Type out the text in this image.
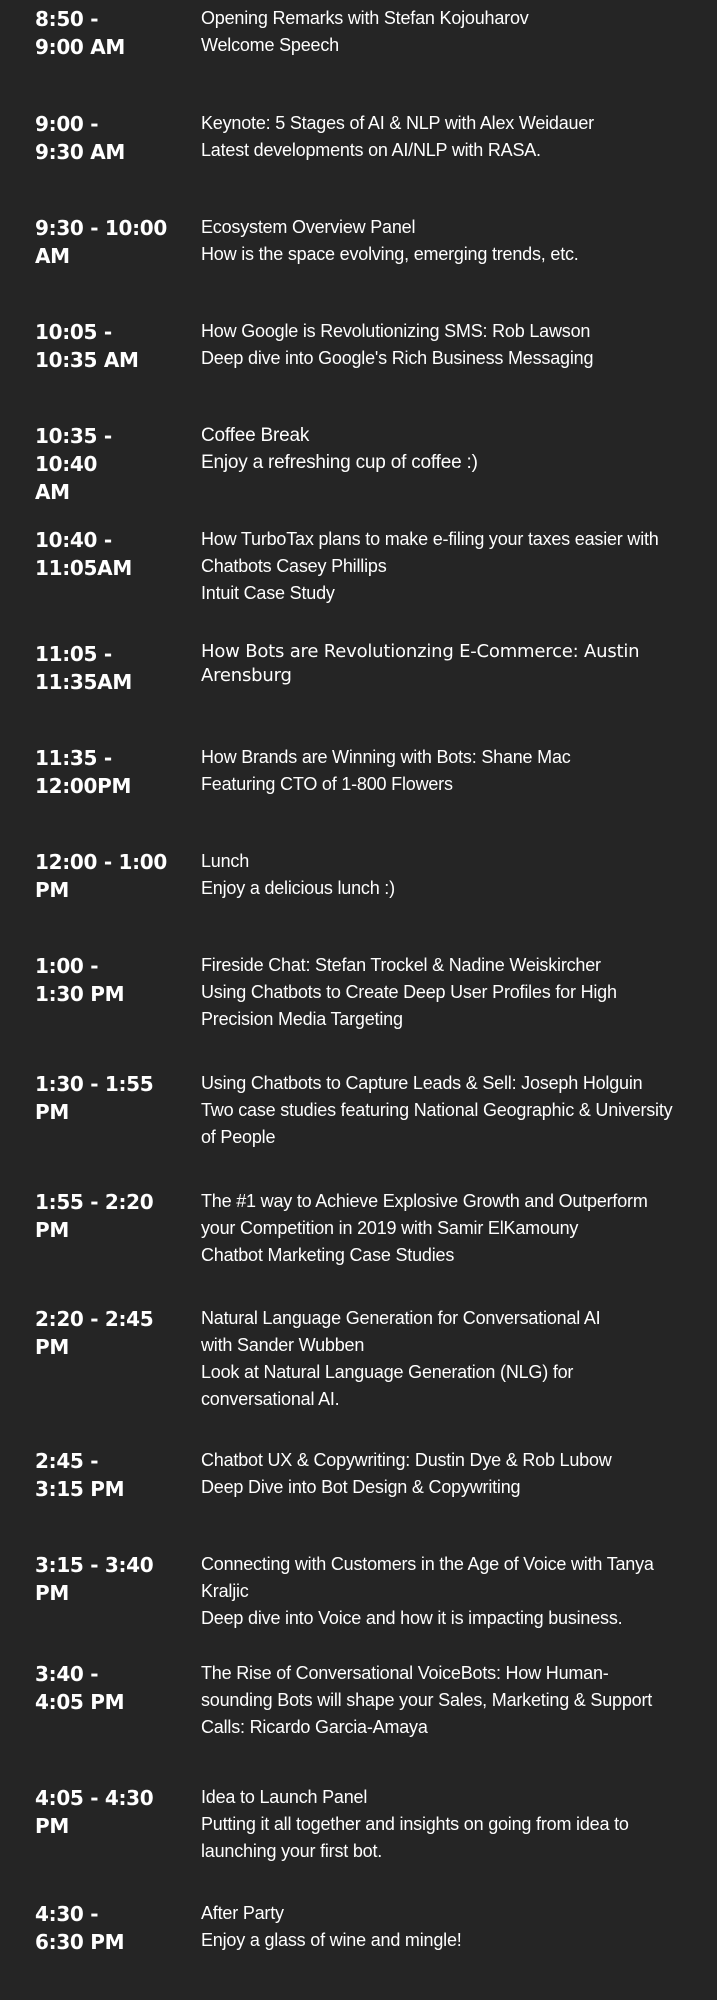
8:50 -
9:00 AM
Opening Remarks with Stefan Kojouharov
Welcome Speech
9:00 -
9:30 AM
Keynote: 5 Stages of AI & NLP with Alex Weidauer
Latest developments on AI/NLP with RASA.
9:30 - 10:00
AM
Ecosystem Overview Panel
How is the space evolving, emerging trends, etc.
10:05 -
10:35 AM
How Google is Revolutionizing SMS: Rob Lawson
Deep dive into Google's Rich Business Messaging
10:35 - 10:40
AM
Coffee Break
Enjoy a refreshing cup of coffee :)
10:40 -
11:05AM
How TurboTax plans to make e-filing your taxes easier with
Chatbots Casey Phillips
Intuit Case Study
11:05 -
11:35AM
How Bots are Revolutionzing E-Commerce: Austin
Arensburg
11:35 -
12:00PM
How Brands are Winning with Bots: Shane Mac
Featuring CTO of 1-800 Flowers
12:00 - 1:00
PM
Lunch
Enjoy a delicious lunch :)
1:00 -
1:30 PM
Fireside Chat: Stefan Trockel & Nadine Weiskircher
Using Chatbots to Create Deep User Profiles for High
Precision Media Targeting
1:30 - 1:55
PM
Using Chatbots to Capture Leads & Sell: Joseph Holguin
Two case studies featuring National Geographic & University
of People
1:55 - 2:20
PM
The #1 way to Achieve Explosive Growth and Outperform
your Competition in 2019 with Samir ElKamouny
Chatbot Marketing Case Studies
2:20 - 2:45
PM
Natural Language Generation for Conversational AI
with Sander Wubben
Look at Natural Language Generation (NLG) for
conversational AI.
2:45 -
3:15 PM
Chatbot UX & Copywriting: Dustin Dye & Rob Lubow
Deep Dive into Bot Design & Copywriting
3:15 - 3:40
PM
Connecting with Customers in the Age of Voice with Tanya
Kraljic
Deep dive into Voice and how it is impacting business.
3:40 -
4:05 PM
The Rise of Conversational VoiceBots: How Human-
sounding Bots will shape your Sales, Marketing & Support
Calls: Ricardo Garcia-Amaya
4:05 - 4:30
PM
Idea to Launch Panel
Putting it all together and insights on going from idea to
launching your first bot.
4:30 -
6:30 PM
After Party
Enjoy a glass of wine and mingle!
